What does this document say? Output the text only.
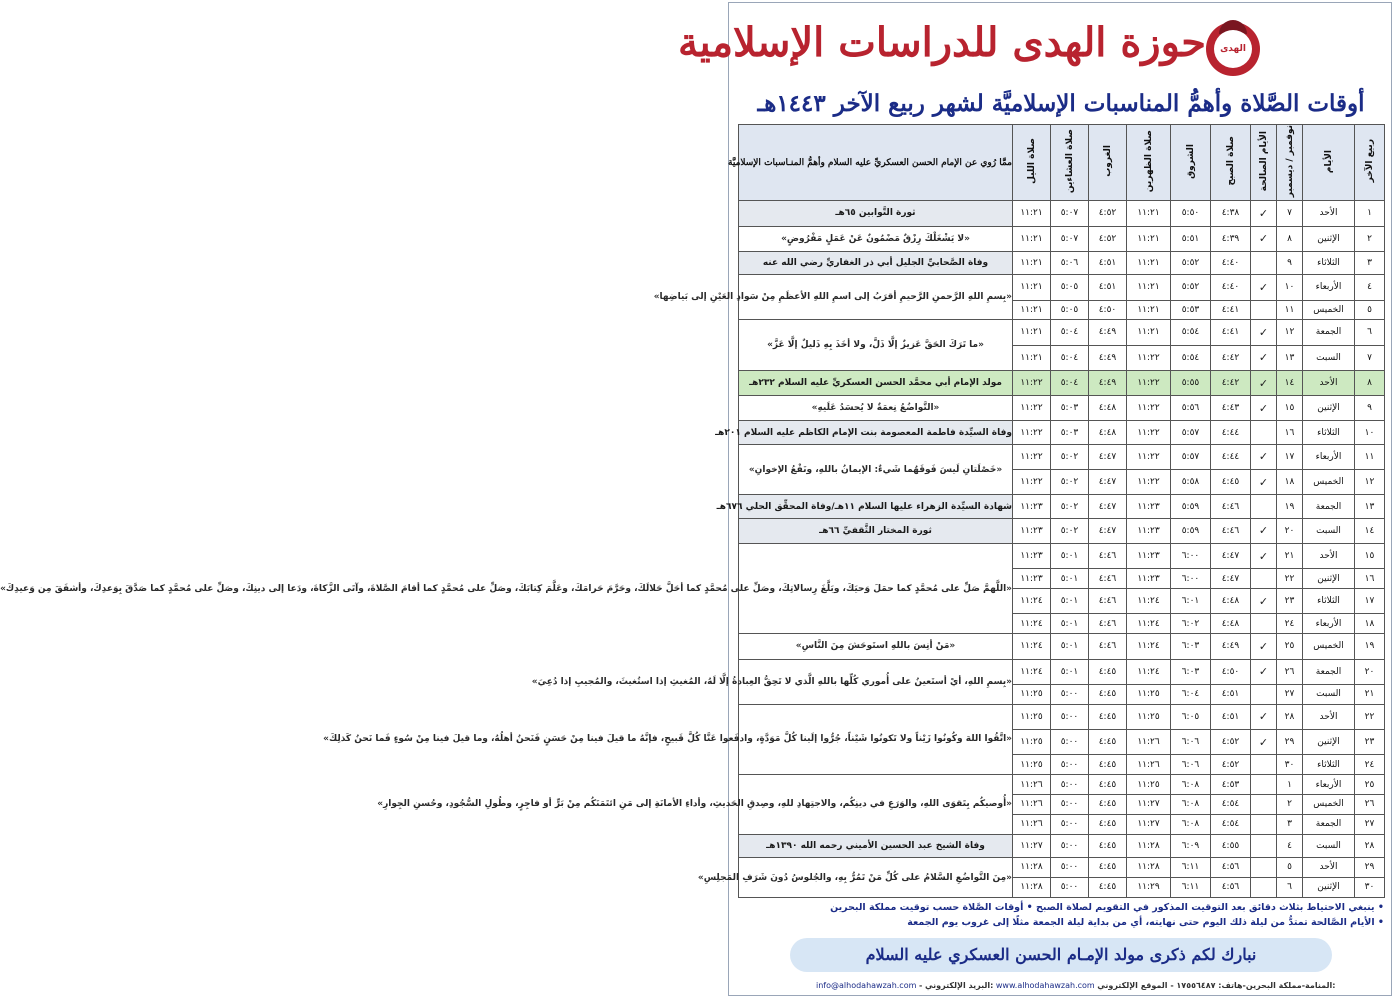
حوزة الهدى للدراسات الإسلامية	الهدى
أوقات الصَّلاة وأهمُّ المناسبات الإسلاميَّة لشهر ربيع الآخر ١٤٤٣هـ
ربيع الآخر	الأيام	نوفمبر / ديسمبر	الأيام الصالحة	صلاة الصبح	الشروق	صلاة الظهرين	الغروب	صلاة العشاءين	صلاة الليل	ممَّا رُوي عن الإمام الحسن العسكريِّ عليه السلام وأهمُّ المنـاسبات الإسلاميَّة
١	الأحد	٧	✓	٤:٣٨	٥:٥٠	١١:٢١	٤:٥٢	٥:٠٧	١١:٢١	ثورة التَّوابين ٦٥هـ
٢	الإثنين	٨	✓	٤:٣٩	٥:٥١	١١:٢١	٤:٥٢	٥:٠٧	١١:٢١	«لا يَشْغَلْكَ رِزْقٌ مَضْمُونٌ عَنْ عَمَلٍ مَفْرُوضٍ»
٣	الثلاثاء	٩		٤:٤٠	٥:٥٢	١١:٢١	٤:٥١	٥:٠٦	١١:٢١	وفاة الصَّحابيِّ الجليل أبي ذر الغفاريِّ رضي الله عنه
٤	الأربعاء	١٠	✓	٤:٤٠	٥:٥٢	١١:٢١	٤:٥١	٥:٠٥	١١:٢١	«بِسمِ اللهِ الرَّحمنِ الرَّحيمِ أقرَبُ إلى اسمِ اللهِ الأعظَمِ مِنْ سَوادِ العَيْنِ إلى بَياضِها»
٥	الخميس	١١		٤:٤١	٥:٥٣	١١:٢١	٤:٥٠	٥:٠٥	١١:٢١	
٦	الجمعة	١٢	✓	٤:٤١	٥:٥٤	١١:٢١	٤:٤٩	٥:٠٤	١١:٢١	«ما تَرَكَ الحَقَّ عَزيزٌ إلَّا ذَلَّ، ولا أخَذَ بِهِ ذَليلٌ إلَّا عَزَّ»
٧	السبت	١٣	✓	٤:٤٢	٥:٥٤	١١:٢٢	٤:٤٩	٥:٠٤	١١:٢١	
٨	الأحد	١٤	✓	٤:٤٢	٥:٥٥	١١:٢٢	٤:٤٩	٥:٠٤	١١:٢٢	مولد الإمام أبي محمَّد الحسن العسكريِّ عليه السلام ٢٣٢هـ
٩	الإثنين	١٥	✓	٤:٤٣	٥:٥٦	١١:٢٢	٤:٤٨	٥:٠٣	١١:٢٢	«التَّواضُعُ نِعمَةٌ لا يُحسَدُ عَلَيهِ»
١٠	الثلاثاء	١٦		٤:٤٤	٥:٥٧	١١:٢٢	٤:٤٨	٥:٠٣	١١:٢٢	وفاة السيِّدة فاطمة المعصومة بنت الإمام الكاظم عليه السلام ٢٠١هـ
١١	الأربعاء	١٧	✓	٤:٤٤	٥:٥٧	١١:٢٢	٤:٤٧	٥:٠٢	١١:٢٢	«خَصْلَتانِ لَيسَ فَوقَهُما شَيءٌ: الإيمانُ باللهِ، ونَفْعُ الإخوانِ»
١٢	الخميس	١٨	✓	٤:٤٥	٥:٥٨	١١:٢٢	٤:٤٧	٥:٠٢	١١:٢٢	
١٣	الجمعة	١٩		٤:٤٦	٥:٥٩	١١:٢٣	٤:٤٧	٥:٠٢	١١:٢٣	شهادة السيِّدة الزهراء عليها السلام ١١هـ/وفاة المحقِّق الحلي ٦٧٦هـ
١٤	السبت	٢٠	✓	٤:٤٦	٥:٥٩	١١:٢٣	٤:٤٧	٥:٠٢	١١:٢٣	ثورة المختار الثَّقفيِّ ٦٦هـ
١٥	الأحد	٢١	✓	٤:٤٧	٦:٠٠	١١:٢٣	٤:٤٦	٥:٠١	١١:٢٣	«اللَّهمَّ صَلِّ على مُحمَّدٍ كما حمَلَ وَحيَكَ، وبَلَّغَ رِسالاتِكَ، وصَلِّ على مُحمَّدٍ كما أحَلَّ حَلالَكَ، وحَرَّمَ حَرامَكَ، وعَلَّمَ كِتابَكَ، وصَلِّ على مُحمَّدٍ كما أقامَ الصَّلاةَ، وآتَى الزَّكاةَ، ودَعا إلى دينِكَ، وصَلِّ على مُحمَّدٍ كما صَدَّقَ بِوَعدِكَ، وأشفَقَ مِن وَعيدِكَ»
١٦	الإثنين	٢٢		٤:٤٧	٦:٠٠	١١:٢٣	٤:٤٦	٥:٠١	١١:٢٣	
١٧	الثلاثاء	٢٣	✓	٤:٤٨	٦:٠١	١١:٢٤	٤:٤٦	٥:٠١	١١:٢٤	
١٨	الأربعاء	٢٤		٤:٤٨	٦:٠٢	١١:٢٤	٤:٤٦	٥:٠١	١١:٢٤	
١٩	الخميس	٢٥	✓	٤:٤٩	٦:٠٣	١١:٢٤	٤:٤٦	٥:٠١	١١:٢٤	«مَنْ أنِسَ باللهِ استَوحَشَ مِنَ النَّاسِ»
٢٠	الجمعة	٢٦	✓	٤:٥٠	٦:٠٣	١١:٢٤	٤:٤٥	٥:٠١	١١:٢٤	«بِسمِ اللهِ، أيْ أستَعينُ على أُموري كُلِّها باللهِ الَّذي لا تَحِقُّ العِبادةُ إلَّا لَهُ، المُغيثِ إذا استُغيثَ، والمُجيبِ إذا دُعِيَ»
٢١	السبت	٢٧		٤:٥١	٦:٠٤	١١:٢٥	٤:٤٥	٥:٠٠	١١:٢٥	
٢٢	الأحد	٢٨	✓	٤:٥١	٦:٠٥	١١:٢٥	٤:٤٥	٥:٠٠	١١:٢٥	«اتَّقُوا اللهَ وكُونُوا زَيْناً ولا تَكونُوا شَيْناً، جُرُّوا إلَينا كُلَّ مَوَدَّةٍ، وادفَعوا عَنَّا كُلَّ قَبيحٍ، فإنَّهُ ما قيلَ فينا مِنْ حَسَنٍ فَنَحنُ أهلُهُ، وما قيلَ فينا مِنْ سُوءٍ فَما نَحنُ كَذلِكَ»
٢٣	الإثنين	٢٩	✓	٤:٥٢	٦:٠٦	١١:٢٦	٤:٤٥	٥:٠٠	١١:٢٥	
٢٤	الثلاثاء	٣٠		٤:٥٢	٦:٠٦	١١:٢٦	٤:٤٥	٥:٠٠	١١:٢٥	
٢٥	الأربعاء	١		٤:٥٣	٦:٠٨	١١:٢٥	٤:٤٥	٥:٠٠	١١:٢٦	«أُوصيكُم بِتَقوَى اللهِ، والوَرَعِ في دينِكُم، والاجتِهادِ للهِ، وصِدقِ الحَديثِ، وأداءِ الأمانَةِ إلى مَنِ ائتَمَنَكُم مِنْ بَرٍّ أو فاجِرٍ، وطُولِ السُّجُودِ، وحُسنِ الجِوارِ»
٢٦	الخميس	٢		٤:٥٤	٦:٠٨	١١:٢٧	٤:٤٥	٥:٠٠	١١:٢٦	
٢٧	الجمعة	٣		٤:٥٤	٦:٠٨	١١:٢٧	٤:٤٥	٥:٠٠	١١:٢٦	
٢٨	السبت	٤		٤:٥٥	٦:٠٩	١١:٢٨	٤:٤٥	٥:٠٠	١١:٢٧	وفاة الشيخ عبد الحسين الأميني رحمه الله ١٣٩٠هـ
٢٩	الأحد	٥		٤:٥٦	٦:١١	١١:٢٨	٤:٤٥	٥:٠٠	١١:٢٨	«مِنَ التَّواضُعِ السَّلامُ على كُلِّ مَنْ تَمُرُّ بِهِ، والجُلوسُ دُونَ شَرَفِ المَجلِسِ»
٣٠	الإثنين	٦		٤:٥٦	٦:١١	١١:٢٩	٤:٤٥	٥:٠٠	١١:٢٨	
• ينبغي الاحتياط بثلاث دقائق بعد التوقيت المذكور في التقويم لصلاة الصبح • أوقات الصَّلاة حسب توقيت مملكة البحرين
• الأيام الصَّالحة تمتدُّ من ليلة ذلك اليوم حتى نهايته، أي من بداية ليلة الجمعة مثلًا إلى غروب يوم الجمعة
نبارك لكم ذكرى مولد الإمـام الحسن العسكري عليه السلام
info@alhodahawzah.com - البريد الإلكتروني: www.alhodahawzah.com المنامة-مملكة البحرين-هاتف: ١٧٥٥٦٤٨٧ - الموقع الإلكتروني:
